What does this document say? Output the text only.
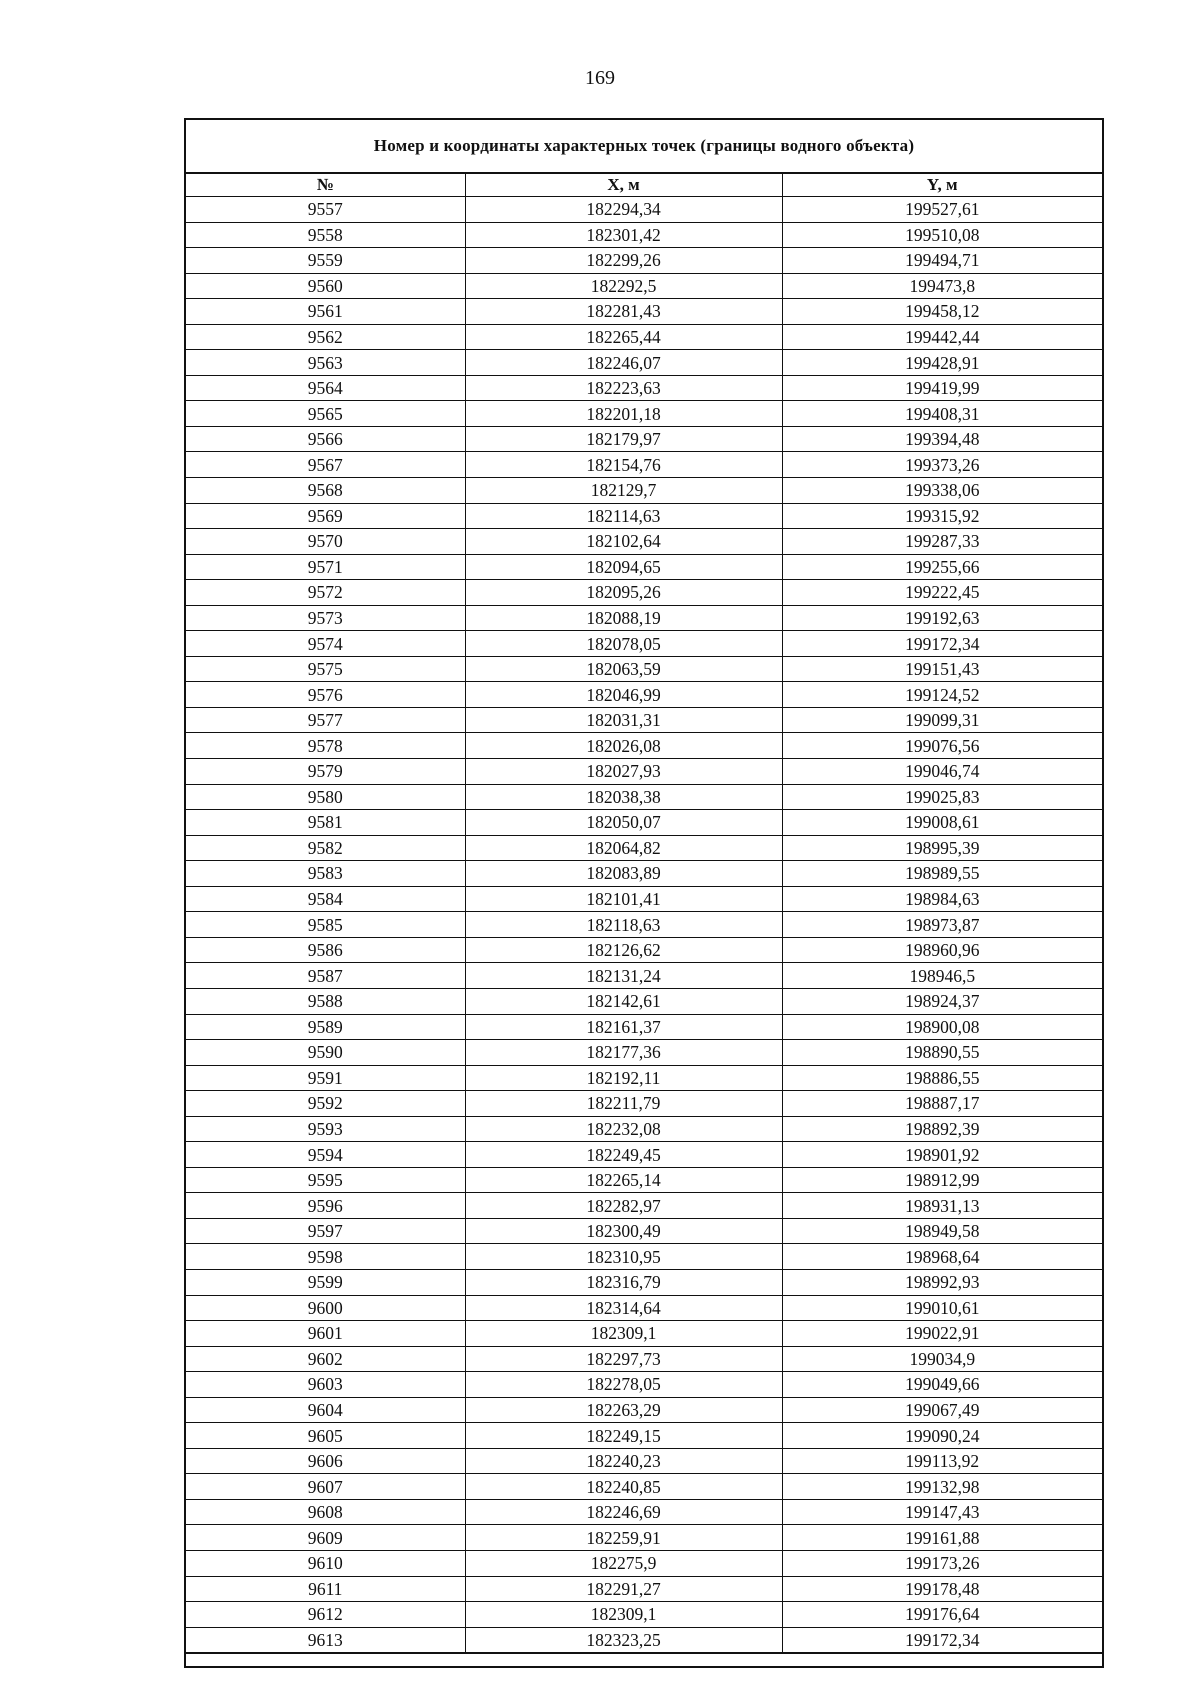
169
Номер и координаты характерных точек (границы водного объекта)
№	X, м	Y, м
9557	182294,34	199527,61
9558	182301,42	199510,08
9559	182299,26	199494,71
9560	182292,5	199473,8
9561	182281,43	199458,12
9562	182265,44	199442,44
9563	182246,07	199428,91
9564	182223,63	199419,99
9565	182201,18	199408,31
9566	182179,97	199394,48
9567	182154,76	199373,26
9568	182129,7	199338,06
9569	182114,63	199315,92
9570	182102,64	199287,33
9571	182094,65	199255,66
9572	182095,26	199222,45
9573	182088,19	199192,63
9574	182078,05	199172,34
9575	182063,59	199151,43
9576	182046,99	199124,52
9577	182031,31	199099,31
9578	182026,08	199076,56
9579	182027,93	199046,74
9580	182038,38	199025,83
9581	182050,07	199008,61
9582	182064,82	198995,39
9583	182083,89	198989,55
9584	182101,41	198984,63
9585	182118,63	198973,87
9586	182126,62	198960,96
9587	182131,24	198946,5
9588	182142,61	198924,37
9589	182161,37	198900,08
9590	182177,36	198890,55
9591	182192,11	198886,55
9592	182211,79	198887,17
9593	182232,08	198892,39
9594	182249,45	198901,92
9595	182265,14	198912,99
9596	182282,97	198931,13
9597	182300,49	198949,58
9598	182310,95	198968,64
9599	182316,79	198992,93
9600	182314,64	199010,61
9601	182309,1	199022,91
9602	182297,73	199034,9
9603	182278,05	199049,66
9604	182263,29	199067,49
9605	182249,15	199090,24
9606	182240,23	199113,92
9607	182240,85	199132,98
9608	182246,69	199147,43
9609	182259,91	199161,88
9610	182275,9	199173,26
9611	182291,27	199178,48
9612	182309,1	199176,64
9613	182323,25	199172,34
